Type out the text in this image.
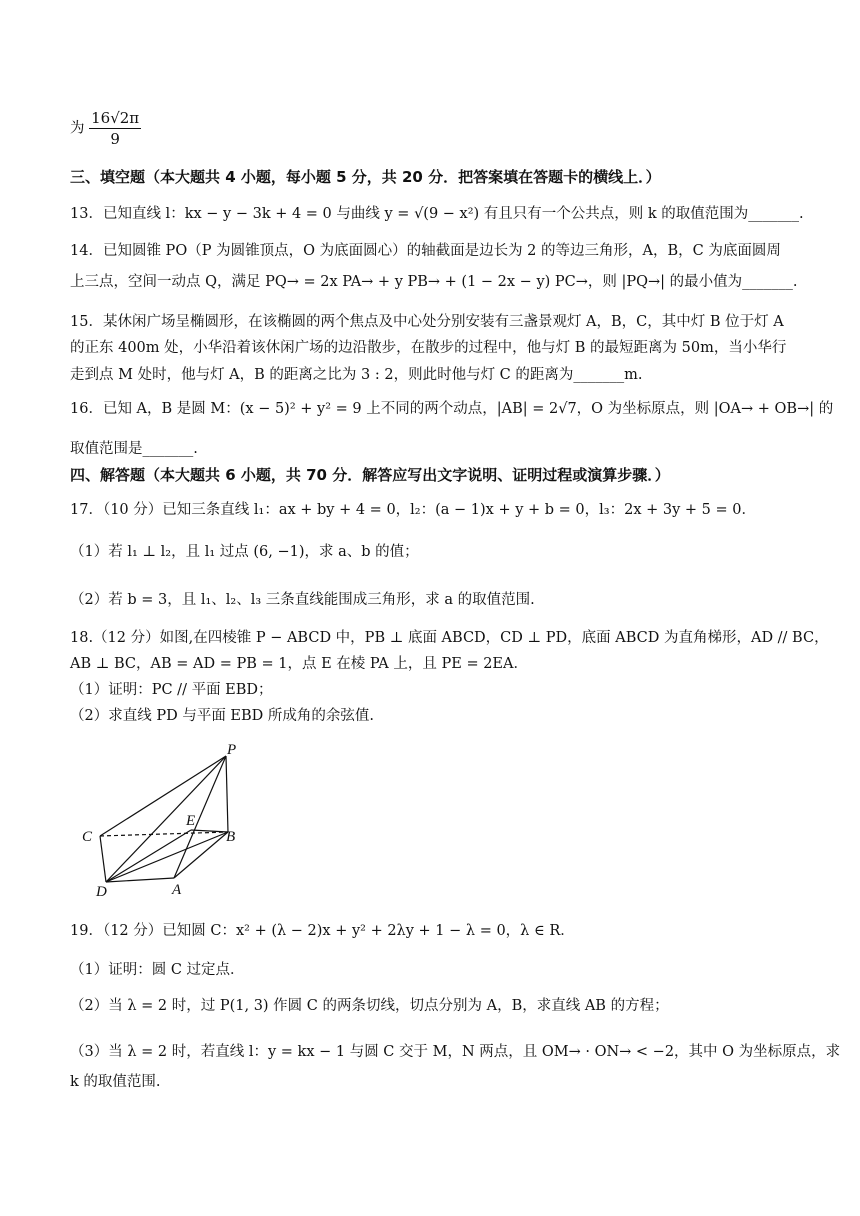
为 $\frac{16√2\pi}{9}$
三、填空题（本大题共 4 小题，每小题 5 分，共 20 分．把答案填在答题卡的横线上．）
13．已知直线 l：kx − y − 3k + 4 = 0 与曲线 y = √(9 − x²) 有且只有一个公共点，则 k 的取值范围为_______.
14．已知圆锥 PO（P 为圆锥顶点，O 为底面圆心）的轴截面是边长为 2 的等边三角形，A，B，C 为底面圆周
上三点，空间一动点 Q，满足 PQ→ = 2x PA→ + y PB→ + (1 − 2x − y) PC→，则 |PQ→| 的最小值为_______.
15．某休闲广场呈椭圆形，在该椭圆的两个焦点及中心处分别安装有三盏景观灯 A，B，C，其中灯 B 位于灯 A
的正东 400m 处，小华沿着该休闲广场的边沿散步，在散步的过程中，他与灯 B 的最短距离为 50m，当小华行
走到点 M 处时，他与灯 A，B 的距离之比为 3 : 2，则此时他与灯 C 的距离为_______m.
16．已知 A，B 是圆 M：(x − 5)² + y² = 9 上不同的两个动点，|AB| = 2√7，O 为坐标原点，则 |OA→ + OB→| 的
取值范围是_______.
四、解答题（本大题共 6 小题，共 70 分．解答应写出文字说明、证明过程或演算步骤．）
17．（10 分）已知三条直线 l₁：ax + by + 4 = 0，l₂：(a − 1)x + y + b = 0，l₃：2x + 3y + 5 = 0．
（1）若 l₁ ⊥ l₂，且 l₁ 过点 (6, −1)，求 a、b 的值；
（2）若 b = 3，且 l₁、l₂、l₃ 三条直线能围成三角形，求 a 的取值范围.
18.（12 分）如图,在四棱锥 P − ABCD 中，PB ⊥ 底面 ABCD，CD ⊥ PD，底面 ABCD 为直角梯形，AD // BC，
AB ⊥ BC，AB = AD = PB = 1，点 E 在棱 PA 上，且 PE = 2EA．
（1）证明：PC // 平面 EBD；
（2）求直线 PD 与平面 EBD 所成角的余弦值.
P
C
E
B
D	A
19．（12 分）已知圆 C：x² + (λ − 2)x + y² + 2λy + 1 − λ = 0，λ ∈ R．
（1）证明：圆 C 过定点．
（2）当 λ = 2 时，过 P(1, 3) 作圆 C 的两条切线，切点分别为 A，B，求直线 AB 的方程；
（3）当 λ = 2 时，若直线 l：y = kx − 1 与圆 C 交于 M，N 两点，且 OM→ · ON→ < −2，其中 O 为坐标原点，求
k 的取值范围.
